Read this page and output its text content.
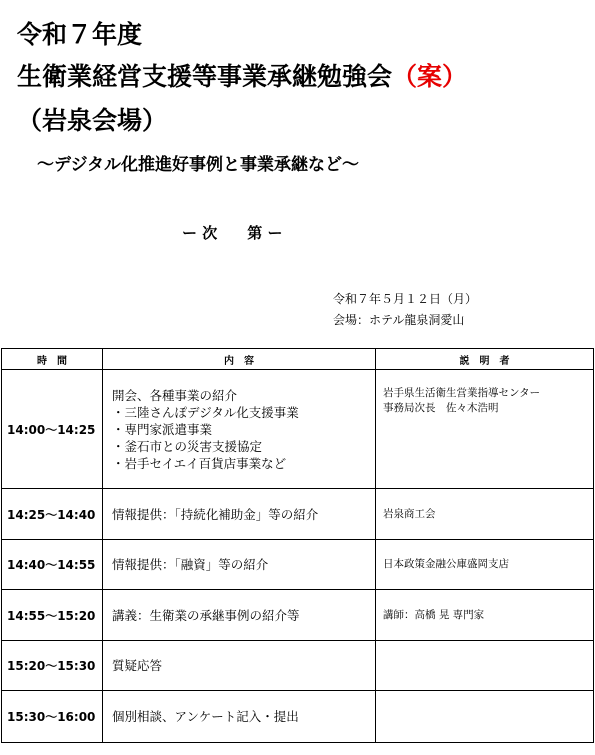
令和７年度
生衛業経営支援等事業承継勉強会（案）
（岩泉会場）
〜デジタル化推進好事例と事業承継など〜
ー 次　　第 ー
令和７年５月１２日（月）
会場：ホテル龍泉洞愛山
時　間	内　容	説　明　者
14:00〜14:25	開会、各種事業の紹介
・三陸さんぽデジタル化支援事業
・専門家派遣事業
・釜石市との災害支援協定
・岩手セイエイ百貨店事業など	岩手県生活衛生営業指導センター
事務局次長　佐々木浩明

14:25〜14:40	情報提供：「持続化補助金」等の紹介	岩泉商工会

14:40〜14:55	情報提供：「融資」等の紹介	日本政策金融公庫盛岡支店

14:55〜15:20	講義：生衛業の承継事例の紹介等	講師：高橋 晃 専門家

15:20〜15:30	質疑応答	

15:30〜16:00	個別相談、アンケート記入・提出	
